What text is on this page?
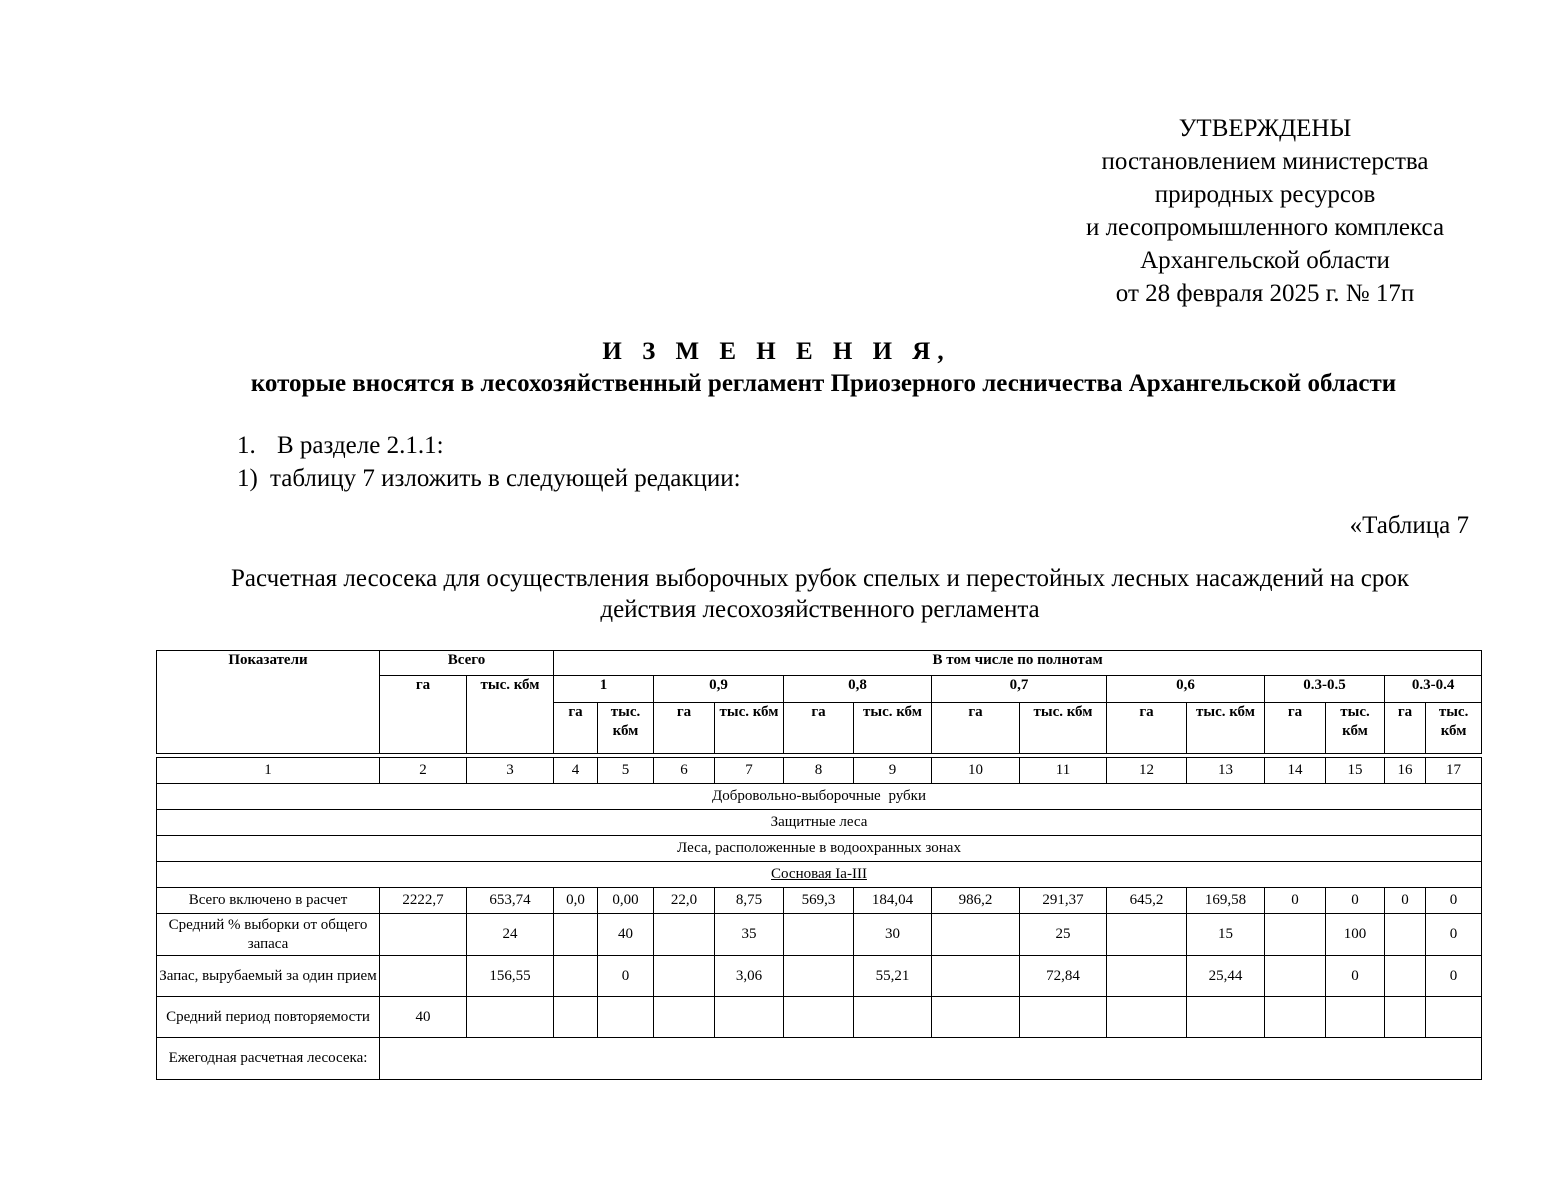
УТВЕРЖДЕНЫ
постановлением министерства
природных ресурсов
и лесопромышленного комплекса
Архангельской области
от 28 февраля 2025 г. № 17п
И З М Е Н Е Н И Я,
которые вносятся в лесохозяйственный регламент Приозерного лесничества Архангельской области
1. В разделе 2.1.1:
1) таблицу 7 изложить в следующей редакции:
«Таблица 7
Расчетная лесосека для осуществления выборочных рубок спелых и перестойных лесных насаждений на срок
действия лесохозяйственного регламента
Показатели	Всего		В том числе по полнотам													
	га	тыс. кбм	1		0,9		0,8		0,7		0,6		0.3-0.5		0.3-0.4	
			га	тыс. кбм	га	тыс. кбм	га	тыс. кбм	га	тыс. кбм	га	тыс. кбм	га	тыс. кбм	га	тыс. кбм
1	2	3	4	5	6	7	8	9	10	11	12	13	14	15	16	17
Добровольно-выборочные рубки																
Защитные леса																
Леса, расположенные в водоохранных зонах																
Сосновая Ia-III																
Всего включено в расчет	2222,7	653,74	0,0	0,00	22,0	8,75	569,3	184,04	986,2	291,37	645,2	169,58	0	0	0	0
Средний % выборки от общего запаса		24		40		35		30		25		15		100		0
Запас, вырубаемый за один прием		156,55		0		3,06		55,21		72,84		25,44		0		0
Средний период повторяемости	40															
Ежегодная расчетная лесосека:																
